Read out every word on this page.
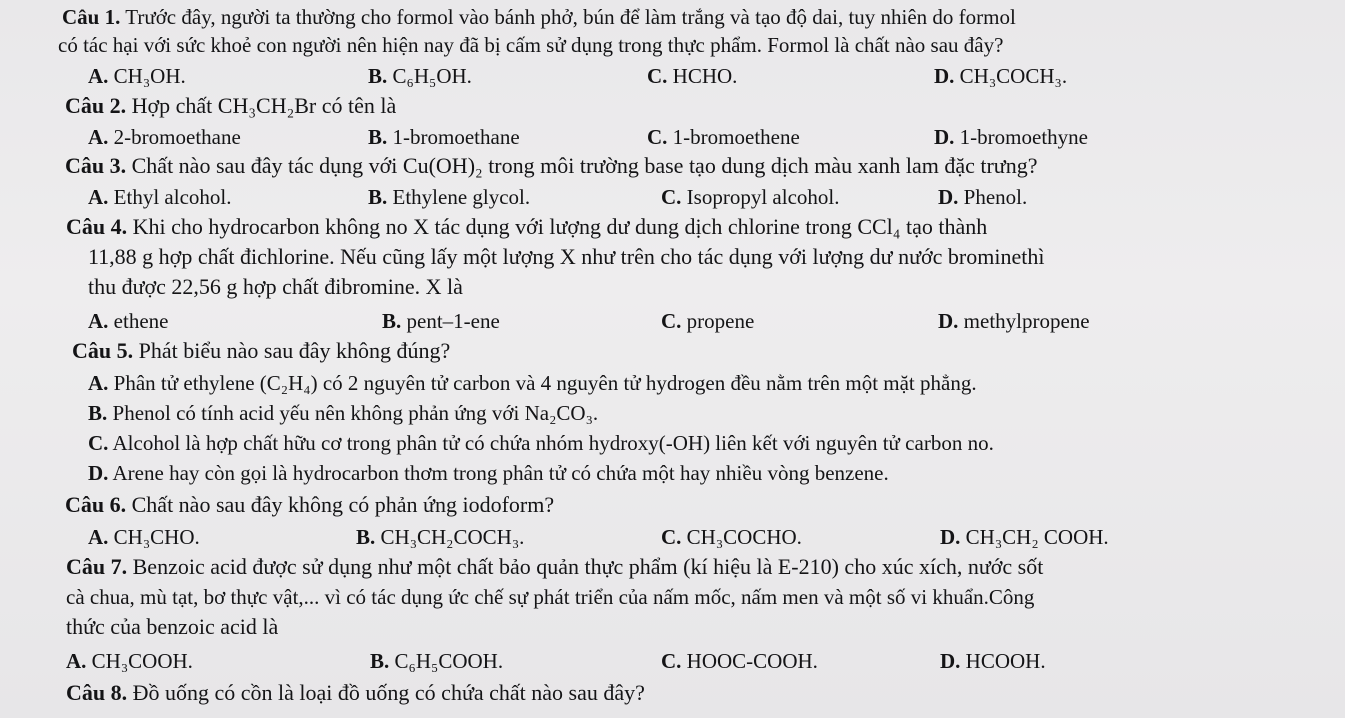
Câu 1. Trước đây, người ta thường cho formol vào bánh phở, bún để làm trắng và tạo độ dai, tuy nhiên do formol
có tác hại với sức khoẻ con người nên hiện nay đã bị cấm sử dụng trong thực phẩm. Formol là chất nào sau đây?
A. CH₃OH.	B. C₆H₅OH.	C. HCHO.	D. CH₃COCH₃.
Câu 2. Hợp chất CH₃CH₂Br có tên là
A. 2-bromoethane	B. 1-bromoethane	C. 1-bromoethene	D. 1-bromoethyne
Câu 3. Chất nào sau đây tác dụng với Cu(OH)₂ trong môi trường base tạo dung dịch màu xanh lam đặc trưng?
A. Ethyl alcohol.	B. Ethylene glycol.	C. Isopropyl alcohol.	D. Phenol.
Câu 4. Khi cho hydrocarbon không no X tác dụng với lượng dư dung dịch chlorine trong CCl₄ tạo thành
11,88 g hợp chất đichlorine. Nếu cũng lấy một lượng X như trên cho tác dụng với lượng dư nước brominethì
thu được 22,56 g hợp chất đibromine. X là
A. ethene	B. pent–1-ene	C. propene	D. methylpropene
Câu 5. Phát biểu nào sau đây không đúng?
A. Phân tử ethylene (C₂H₄) có 2 nguyên tử carbon và 4 nguyên tử hydrogen đều nằm trên một mặt phẳng.
B. Phenol có tính acid yếu nên không phản ứng với Na₂CO₃.
C. Alcohol là hợp chất hữu cơ trong phân tử có chứa nhóm hydroxy(-OH) liên kết với nguyên tử carbon no.
D. Arene hay còn gọi là hydrocarbon thơm trong phân tử có chứa một hay nhiều vòng benzene.
Câu 6. Chất nào sau đây không có phản ứng iodoform?
A. CH₃CHO.	B. CH₃CH₂COCH₃.	C. CH₃COCHO.	D. CH₃CH₂ COOH.
Câu 7. Benzoic acid được sử dụng như một chất bảo quản thực phẩm (kí hiệu là E-210) cho xúc xích, nước sốt
cà chua, mù tạt, bơ thực vật,... vì có tác dụng ức chế sự phát triển của nấm mốc, nấm men và một số vi khuẩn.Công
thức của benzoic acid là
A. CH₃COOH.	B. C₆H₅COOH.	C. HOOC-COOH.	D. HCOOH.
Câu 8. Đồ uống có cồn là loại đồ uống có chứa chất nào sau đây?
